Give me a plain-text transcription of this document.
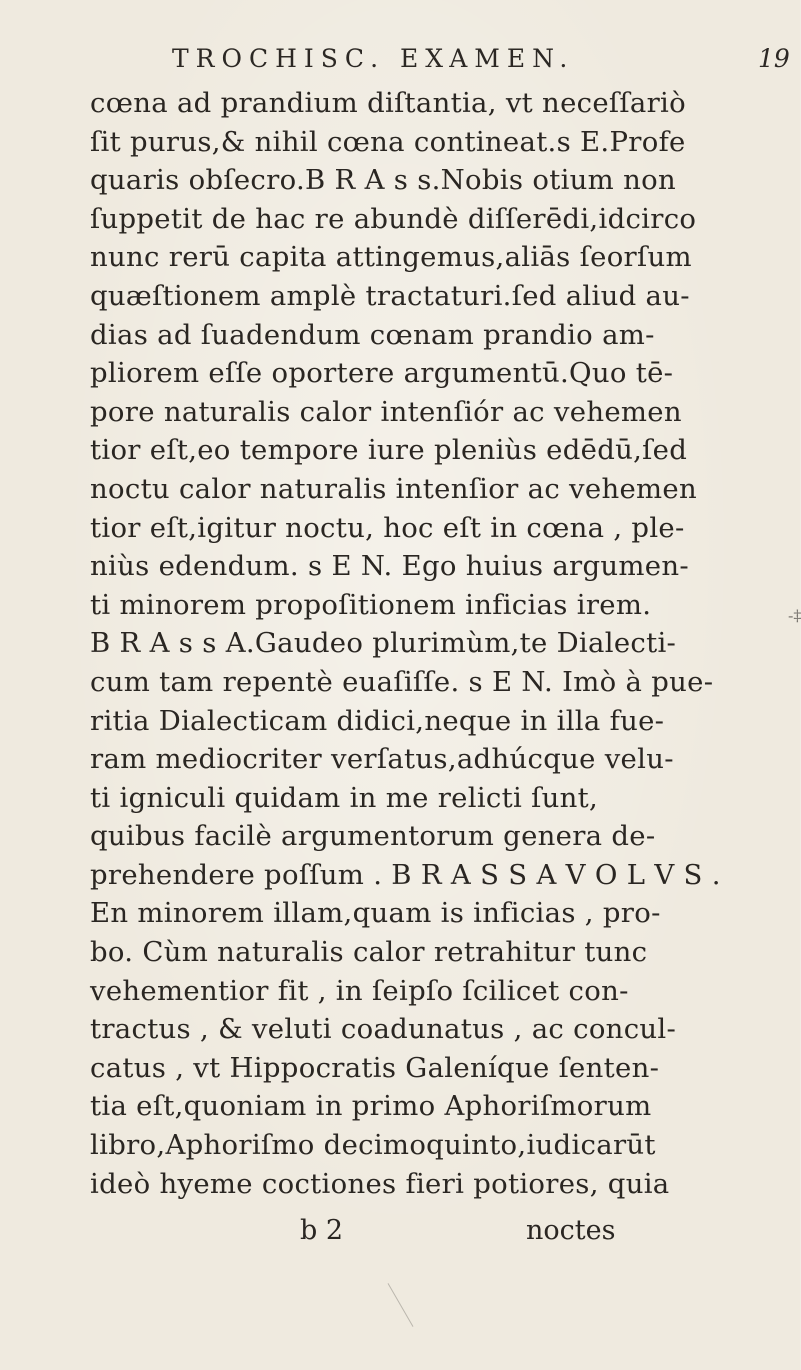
TROCHISC. EXAMEN.	19
cœna ad prandium diſtantia, vt neceſſariò
ſit purus,& nihil cœna contineat.s E.Profe
quaris obſecro.B R A s s.Nobis otium non
ſuppetit de hac re abundè diſſerēdi,idcirco
nunc rerū capita attingemus,aliās ſeorſum
quæſtionem amplè tractaturi.ſed aliud au-
dias ad ſuadendum cœnam prandio am-
pliorem eſſe oportere argumentū.Quo tē-
pore naturalis calor intenſiór ac vehemen
tior eſt,eo tempore iure pleniùs edēdū,ſed
noctu calor naturalis intenſior ac vehemen
tior eſt,igitur noctu, hoc eſt in cœna , ple-
niùs edendum. s E N. Ego huius argumen-
ti minorem propoſitionem inficias irem.
B R A s s A.Gaudeo plurimùm,te Dialecti-
cum tam repentè euaſiſſe. s E N. Imò à pue-
ritia Dialecticam didici,neque in illa fue-
ram mediocriter verſatus,adhúcque velu-
ti igniculi quidam in me relicti ſunt,
quibus facilè argumentorum genera de-
prehendere poſſum . B R A S S A V O L V S .
En minorem illam,quam is inficias , pro-
bo. Cùm naturalis calor retrahitur tunc
vehementior fit , in ſeipſo ſcilicet con-
tractus , & veluti coadunatus , ac concul-
catus , vt Hippocratis Galeníque ſenten-
tia eſt,quoniam in primo Aphoriſmorum
libro,Aphoriſmo decimoquinto,iudicarūt
ideò hyeme coctiones fieri potiores, quia
b 2	noctes
-‡
